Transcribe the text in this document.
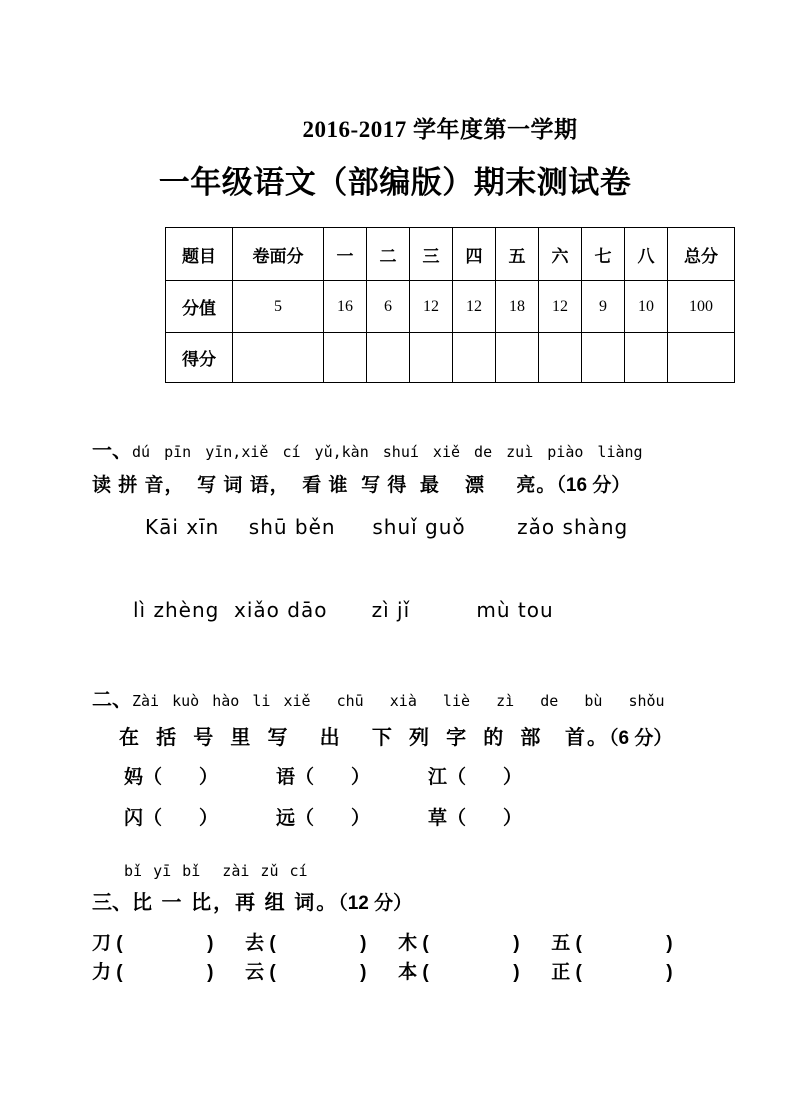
2016-2017 学年度第一学期
一年级语文（部编版）期末测试卷
题目	卷面分	一	二	三	四	五	六	七	八	总分
分值	5	16	6	12	12	18	12	9	10	100
得分										
一、dú pīn yīn,xiě cí yǔ,kàn shuí xiě de zuì piào liàng
读 拼 音，  写 词 语，  看 谁  写 得  最    漂     亮。（16 分）
Kāi xīn    shū běn     shuǐ guǒ       zǎo shàng
lì zhèng  xiǎo dāo      zì jǐ         mù tou
二、Zài kuò hào li xiě  chū  xià  liè  zì  de  bù  shǒu
在  括  号  里  写    出    下  列  字  的  部   首。（6 分）
妈（       ）           语（       ）           江（       ）
闪（       ）           远（       ）           草（       ）
bǐ yī bǐ  zài zǔ cí
三、比 一 比，再 组 词。（12 分）
刀 (                )      去 (                )      木 (                )      五 (                )
力 (                )      云 (                )      本 (                )      正 (                )
